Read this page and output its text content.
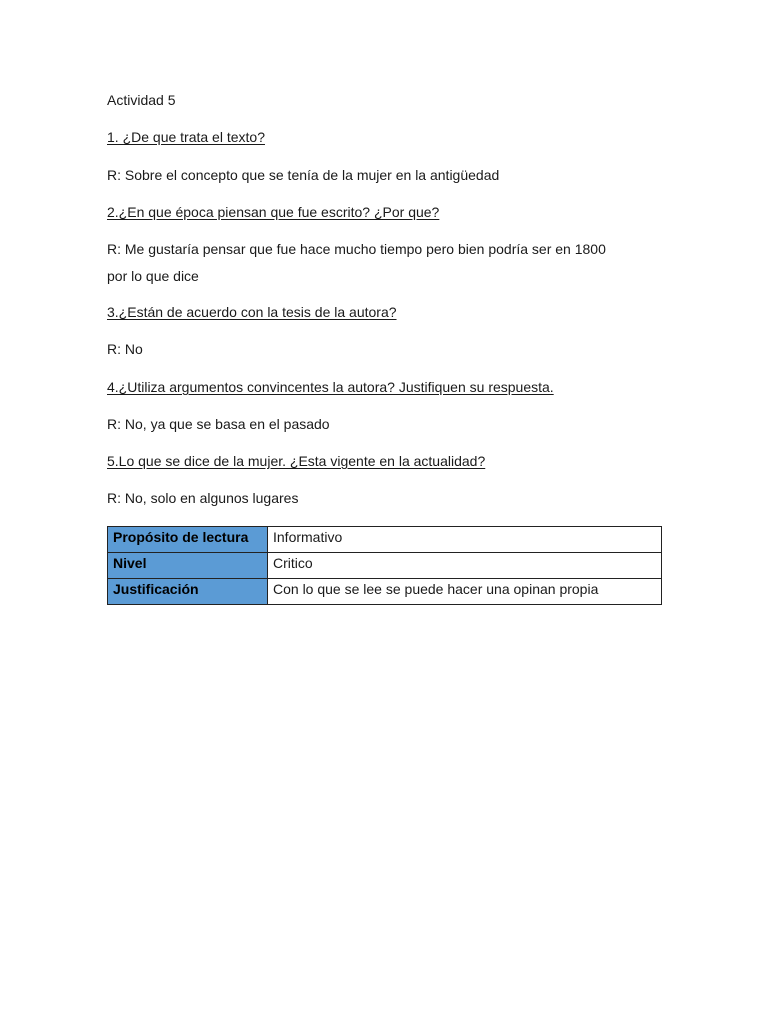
Actividad 5
1. ¿De que trata el texto?
R: Sobre el concepto que se tenía de la mujer en la antigüedad
2.¿En que época piensan que fue escrito? ¿Por que?
R: Me gustaría pensar que fue hace mucho tiempo pero bien podría ser en 1800
por lo que dice
3.¿Están de acuerdo con la tesis de la autora?
R: No
4.¿Utiliza argumentos convincentes la autora? Justifiquen su respuesta.
R: No, ya que se basa en el pasado
5.Lo que se dice de la mujer. ¿Esta vigente en la actualidad?
R: No, solo en algunos lugares
Propósito de lectura	Informativo
Nivel	Critico
Justificación	Con lo que se lee se puede hacer una opinan propia
